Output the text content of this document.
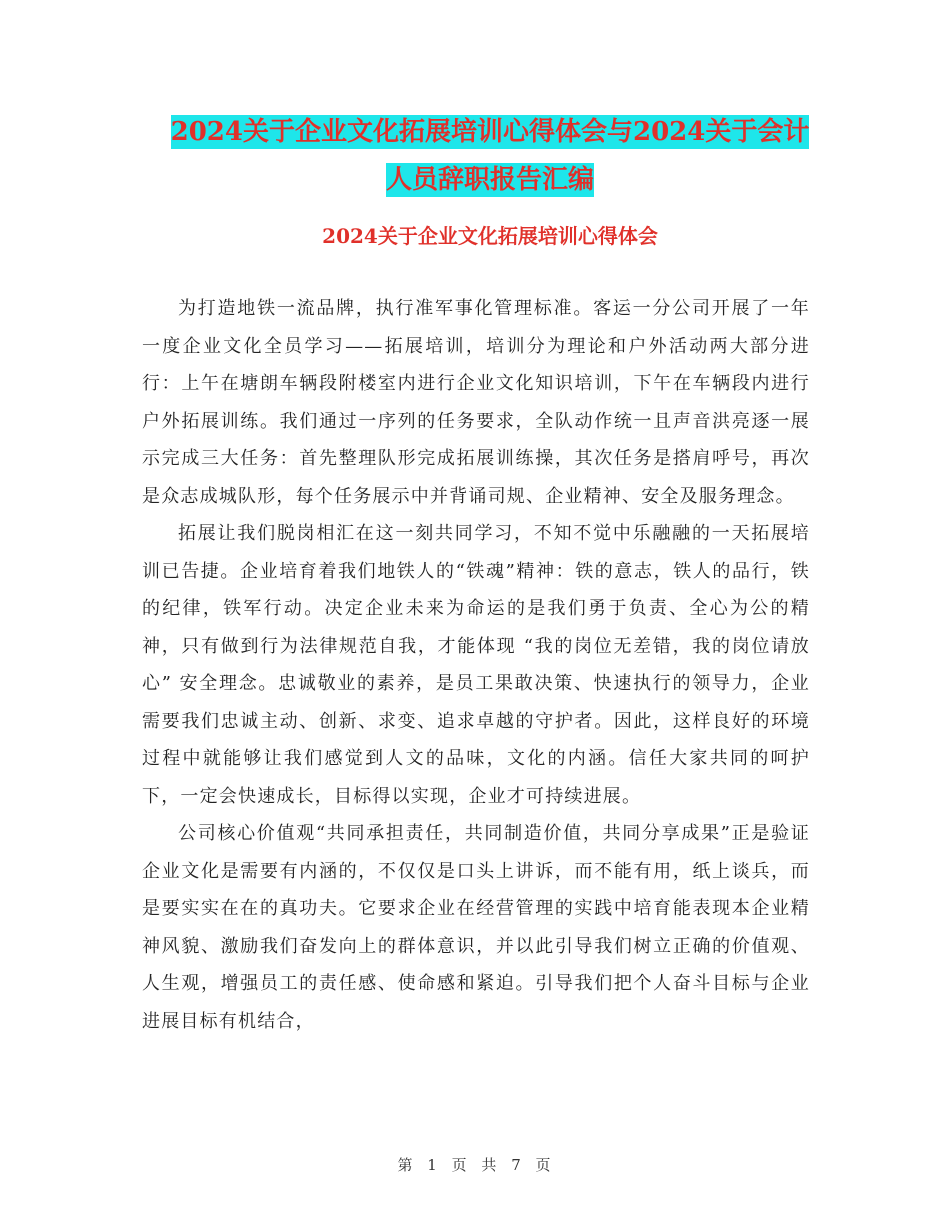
2024关于企业文化拓展培训心得体会与2024关于会计
人员辞职报告汇编
2024关于企业文化拓展培训心得体会

为打造地铁一流品牌，执行准军事化管理标准。客运一分公司开展了一年一度企业文化全员学习——拓展培训，培训分为理论和户外活动两大部分进行：上午在塘朗车辆段附楼室内进行企业文化知识培训，下午在车辆段内进行户外拓展训练。我们通过一序列的任务要求，全队动作统一且声音洪亮逐一展示完成三大任务：首先整理队形完成拓展训练操，其次任务是搭肩呼号，再次是众志成城队形，每个任务展示中并背诵司规、企业精神、安全及服务理念。

拓展让我们脱岗相汇在这一刻共同学习，不知不觉中乐融融的一天拓展培训已告捷。企业培育着我们地铁人的“铁魂”精神：铁的意志，铁人的品行，铁的纪律，铁军行动。决定企业未来为命运的是我们勇于负责、全心为公的精神，只有做到行为法律规范自我，才能体现 “我的岗位无差错，我的岗位请放心” 安全理念。忠诚敬业的素养，是员工果敢决策、快速执行的领导力，企业需要我们忠诚主动、创新、求变、追求卓越的守护者。因此，这样良好的环境过程中就能够让我们感觉到人文的品味，文化的内涵。信任大家共同的呵护下，一定会快速成长，目标得以实现，企业才可持续进展。

公司核心价值观“共同承担责任，共同制造价值，共同分享成果”正是验证企业文化是需要有内涵的，不仅仅是口头上讲诉，而不能有用，纸上谈兵，而是要实实在在的真功夫。它要求企业在经营管理的实践中培育能表现本企业精神风貌、激励我们奋发向上的群体意识，并以此引导我们树立正确的价值观、人生观，增强员工的责任感、使命感和紧迫。引导我们把个人奋斗目标与企业进展目标有机结合，

第 1 页 共 7 页
